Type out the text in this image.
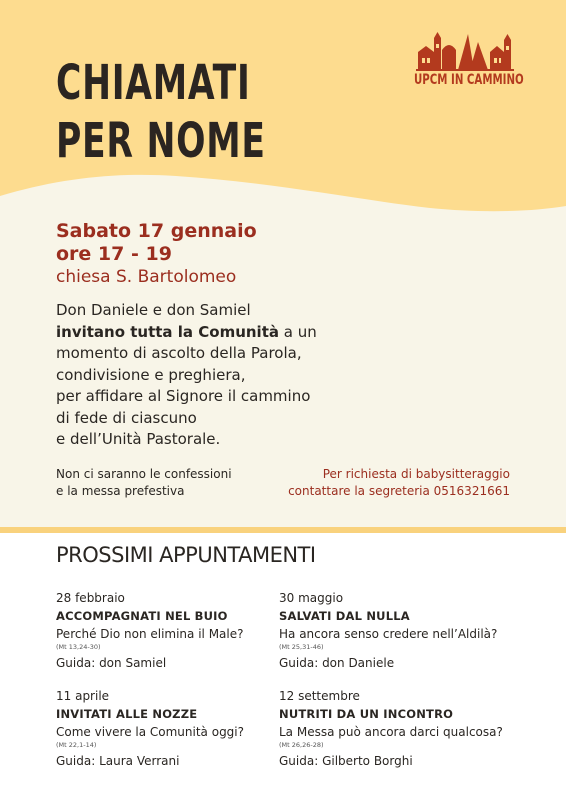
CHIAMATI
PER NOME
UPCM IN CAMMINO
Sabato 17 gennaio
ore 17 - 19
chiesa S. Bartolomeo
Don Daniele e don Samiel
invitano tutta la Comunità a un
momento di ascolto della Parola,
condivisione e preghiera,
per affidare al Signore il cammino
di fede di ciascuno
e dell’Unità Pastorale.
Non ci saranno le confessioni
e la messa prefestiva
Per richiesta di babysitteraggio
contattare la segreteria 0516321661
PROSSIMI APPUNTAMENTI
28 febbraio
ACCOMPAGNATI NEL BUIO
Perché Dio non elimina il Male?
(Mt 13,24-30)
Guida: don Samiel
30 maggio
SALVATI DAL NULLA
Ha ancora senso credere nell’Aldilà?
(Mt 25,31-46)
Guida: don Daniele
11 aprile
INVITATI ALLE NOZZE
Come vivere la Comunità oggi?
(Mt 22,1-14)
Guida: Laura Verrani
12 settembre
NUTRITI DA UN INCONTRO
La Messa può ancora darci qualcosa?
(Mt 26,26-28)
Guida: Gilberto Borghi
